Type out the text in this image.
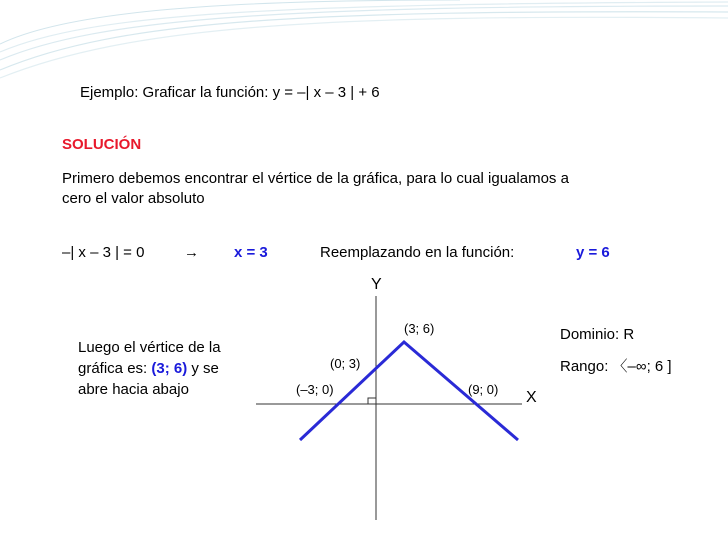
Ejemplo: Graficar la función: y = –| x – 3 | + 6
SOLUCIÓN
Primero debemos encontrar el vértice de la gráfica, para lo cual igualamos a
cero el valor absoluto
–| x – 3 | = 0	→ x = 3	Reemplazando en la función:	y = 6
Luego el vértice de la
gráfica es: (3; 6) y se
abre hacia abajo
Dominio: R
Rango: 〈–∞; 6 ]
Y
X
(3; 6)
(0; 3)
(–3; 0)	(9; 0)
